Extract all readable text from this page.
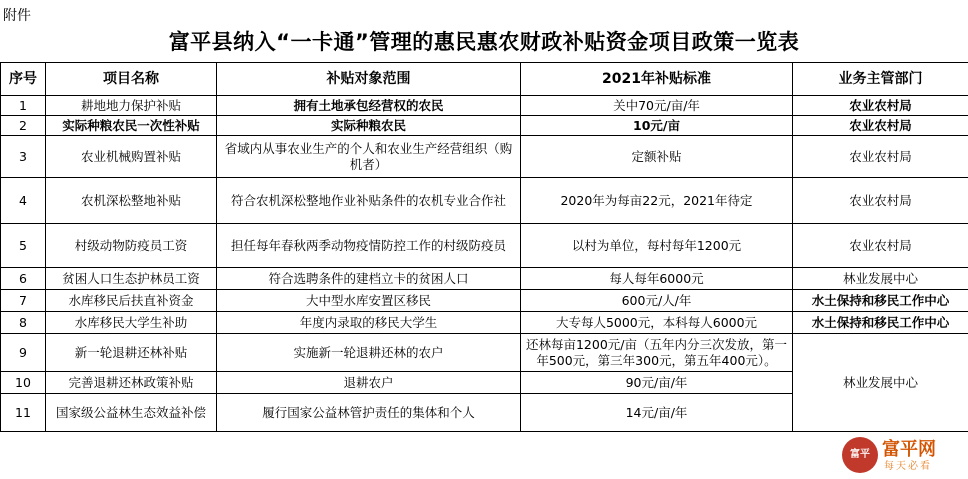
附件
富平县纳入“一卡通”管理的惠民惠农财政补贴资金项目政策一览表
序号	项目名称	补贴对象范围	2021年补贴标准	业务主管部门
1	耕地地力保护补贴	拥有土地承包经营权的农民	关中70元/亩/年	农业农村局
2	实际种粮农民一次性补贴	实际种粮农民	10元/亩	农业农村局
3	农业机械购置补贴	省域内从事农业生产的个人和农业生产经营组织（购机者）	定额补贴	农业农村局
4	农机深松整地补贴	符合农机深松整地作业补贴条件的农机专业合作社	2020年为每亩22元，2021年待定	农业农村局
5	村级动物防疫员工资	担任每年春秋两季动物疫情防控工作的村级防疫员	以村为单位，每村每年1200元	农业农村局
6	贫困人口生态护林员工资	符合选聘条件的建档立卡的贫困人口	每人每年6000元	林业发展中心
7	水库移民后扶直补资金	大中型水库安置区移民	600元/人/年	水土保持和移民工作中心
8	水库移民大学生补助	年度内录取的移民大学生	大专每人5000元，本科每人6000元	水土保持和移民工作中心
9	新一轮退耕还林补贴	实施新一轮退耕还林的农户	还林每亩1200元/亩（五年内分三次发放，第一年500元，第三年300元，第五年400元）。	林业发展中心
10	完善退耕还林政策补贴	退耕农户	90元/亩/年	
11	国家级公益林生态效益补偿	履行国家公益林管护责任的集体和个人	14元/亩/年	
富平 富平网
每天必看
